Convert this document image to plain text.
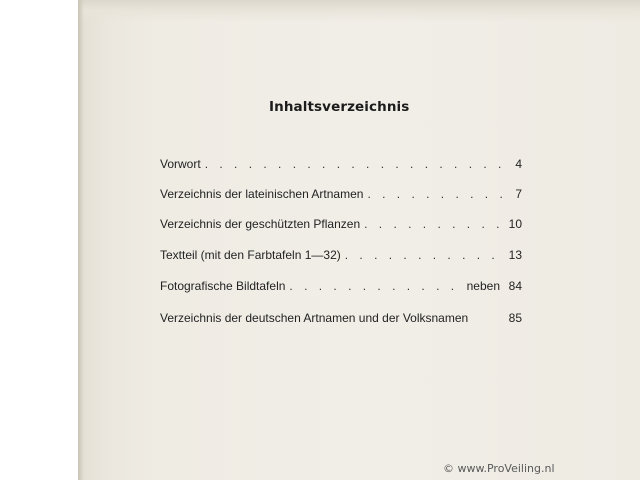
Inhaltsverzeichnis
Vorwort . . .	4
Verzeichnis der lateinischen Artnamen . . .	7
Verzeichnis der geschützten Pflanzen . . .	10
Textteil (mit den Farbtafeln 1—32) . . .	13
Fotografische Bildtafeln . . .	neben 84
Verzeichnis der deutschen Artnamen und der Volksnamen	85
© www.ProVeiling.nl
